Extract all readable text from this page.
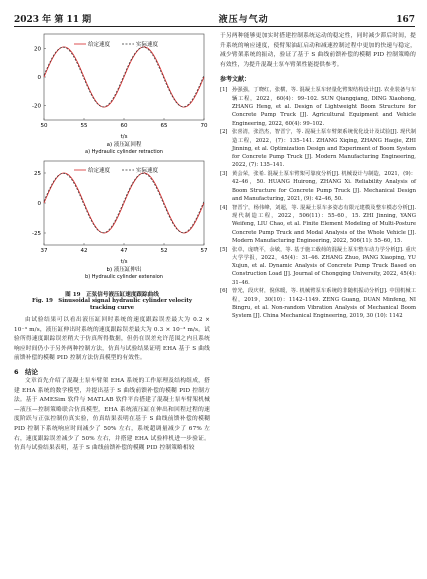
2023 年 第 11 期	液压与气动	167
给定速度	实际速度
50	55	60	65	70
20
0
-20
t/s
a) 液压缸回程
a) Hydraulic cylinder retraction
给定速度	实际速度
37	42	47	52	57
25
0
-25
t/s
b) 液压缸伸出
b) Hydraulic cylinder extension
图 19　正弦信号液压缸速度跟踪曲线
Fig. 19　Sinusoidal signal hydraulic cylinder velocity
tracking curve

由试验结果可以看出液压缸回时系统的速度跟踪误差最大为 0.2 × 10⁻³ m/s，液压缸伸出时系统的速度跟踪误差最大为 0.3 × 10⁻³ m/s。试验所得速度跟踪误差稍大于仿真所得数据，但仍在误差允许范围之内且系统响应时间仍小于另外两种控制方法，仿真与试验结果证明 EHA 基于 S 曲线前馈补偿的模糊 PID 控制方法仿真模型的有效性。

6　结论

文章首先介绍了混凝土泵车臂架 EHA 系统的工作原理及结构组成，搭建 EHA 系统的数学模型，并提出基于 S 曲线前馈补偿的模糊 PID 控制方法。基于 AMESim 软件与 MATLAB 软件平台搭建了混凝土泵车臂架机械—液压—控制策略联合仿真模型，EHA 系统液压缸在伸出和回程过程的速度阶跃与正弦控制仿真实验，仿真结果表明在基于 S 曲线前馈补偿的模糊 PID 控制下系统响应时间减少了 50% 左右，系统超调量减少了 67% 左右，速度跟踪误差减少了 50% 左右，并搭建 EHA 试验样机进一步验证。仿真与试验结果表明，基于 S 曲线前馈补偿的模糊 PID 控制策略相较

于另两种能够更加实时搭建控制系统运动的稳定性，同时减少滞后时间，提升系统的响应速度，使臂架油缸启动和减速控制过程中更加的快速与稳定，减少臂架系统的振动，验证了基于 S 曲线前馈补偿的模糊 PID 控制策略的有效性，为提升混凝土泵车臂架性能提供参考。

参考文献：
[1] 孙强强，丁晓红，张横，等. 混凝土泵车轻量化臂架结构设计[J]. 农业装备与车辆工程，2022，60(4)：99–102. SUN Qiangqiang, DING Xiaohong, ZHANG Heng, et al. Design of Lightweight Boom Structure for Concrete Pump Truck [J]. Agricultural Equipment and Vehicle Engineering, 2022, 60(4): 99–102.
[2] 张喜清，张浩杰，智晋宁，等. 混凝土泵车臂架系统优化设计及试验[J]. 现代制造工程，2022，(7)：135–141. ZHANG Xiqing, ZHANG Haojie, ZHI Jinning, et al. Optimization Design and Experiment of Boom System for Concrete Pump Truck [J]. Modern Manufacturing Engineering, 2022, (7): 135–141.
[3] 黄会荣，张希. 混凝土泵车臂架可靠度分析[J]. 机械设计与制造，2021，(9)：42–46，50. HUANG Huirong, ZHANG Xi. Reliability Analysis of Boom Structure for Concrete Pump Truck [J]. Mechanical Design and Manufacturing, 2021, (9): 42–46, 50.
[4] 智晋宁，杨伟峰，刘超，等. 混凝土泵车多姿态有限元建模及整车模态分析[J]. 现代制造工程，2022，506(11)：55–60，15. ZHI Jinning, YANG Weifeng, LIU Chao, et al. Finite Element Modeling of Multi-Posture Concrete Pump Truck and Modal Analysis of the Whole Vehicle [J]. Modern Manufacturing Engineering, 2022, 506(11): 55–60, 15.
[5] 张卓，庞晓平，余敏，等. 基于施工载荷的混凝土泵车整车动力学分析[J]. 重庆大学学报，2022，45(4)：31–46. ZHANG Zhuo, PANG Xiaoping, YU Xujun, et al. Dynamic Analysis of Concrete Pump Truck Based on Construction Load [J]. Journal of Chongqing University, 2022, 45(4): 31–46.
[6] 曾光，段庆材，倪休暖，等. 机械臂泵车系统的非随机振动分析[J]. 中国机械工程，2019，30(10)：1142–1149. ZENG Guang, DUAN Minfeng, NI Bingru, et al. Non-random Vibration Analysis of Mechanical Boom System [J]. China Mechanical Engineering, 2019, 30 (10): 1142
